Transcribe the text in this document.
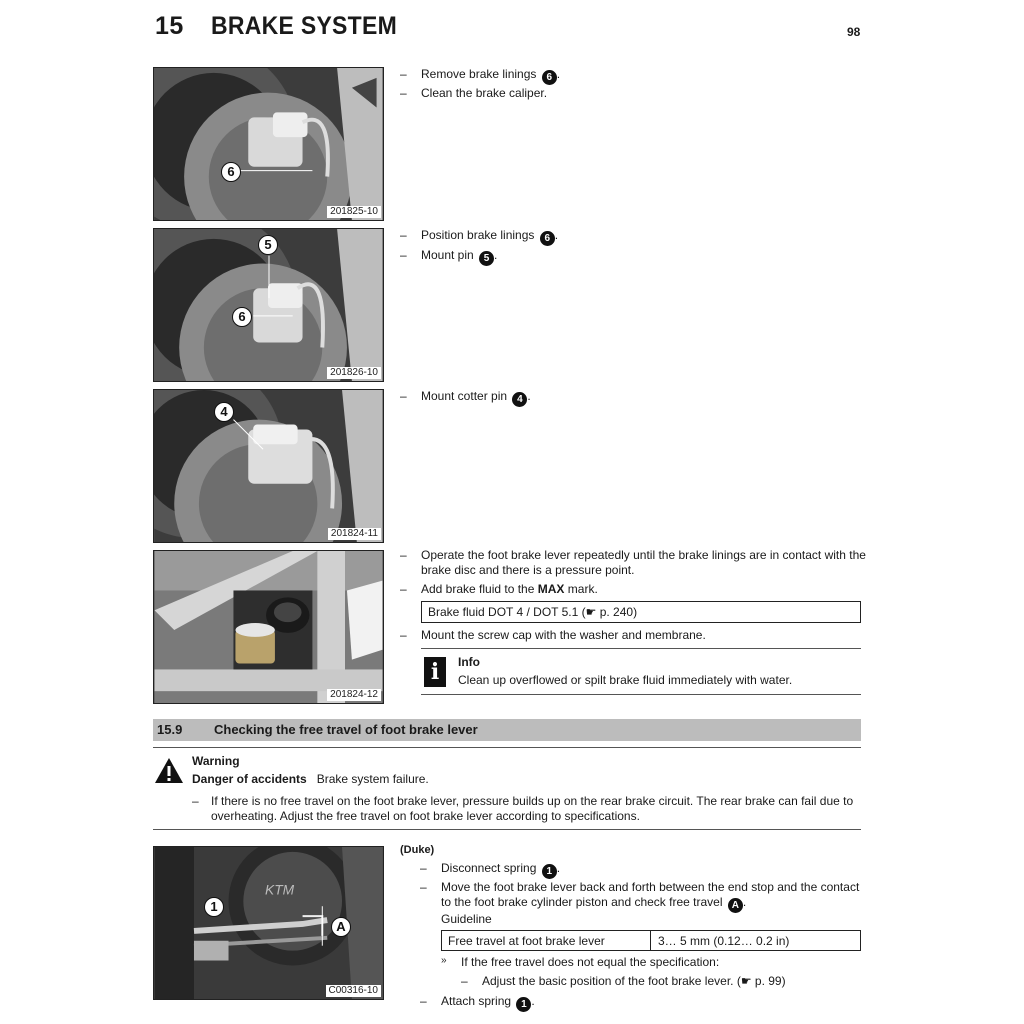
15 BRAKE SYSTEM	98
6
201825-10
5
6
201826-10
4
201824-11
201824-12
– Remove brake linings 6 .
– Clean the brake caliper.
– Position brake linings 6 .
– Mount pin 5 .
– Mount cotter pin 4 .
– Operate the foot brake lever repeatedly until the brake linings are in contact with the brake disc and there is a pressure point.
– Add brake fluid to the MAX mark.
Brake fluid DOT 4 / DOT 5.1 (☛ p. 240)
– Mount the screw cap with the washer and membrane.
i	Info
Clean up overflowed or spilt brake fluid immediately with water.
15.9 Checking the free travel of foot brake lever
Warning
Danger of accidents Brake system failure.
– If there is no free travel on the foot brake lever, pressure builds up on the rear brake circuit. The rear brake can fail due to overheating. Adjust the free travel on foot brake lever according to specifications.
KTM
1
A
C00316-10
(Duke)
– Disconnect spring 1 .
– Move the foot brake lever back and forth between the end stop and the contact to the foot brake cylinder piston and check free travel A .
Guideline
Free travel at foot brake lever	3… 5 mm (0.12… 0.2 in)
» If the free travel does not equal the specification:
– Adjust the basic position of the foot brake lever. (☛ p. 99)
– Attach spring 1 .
